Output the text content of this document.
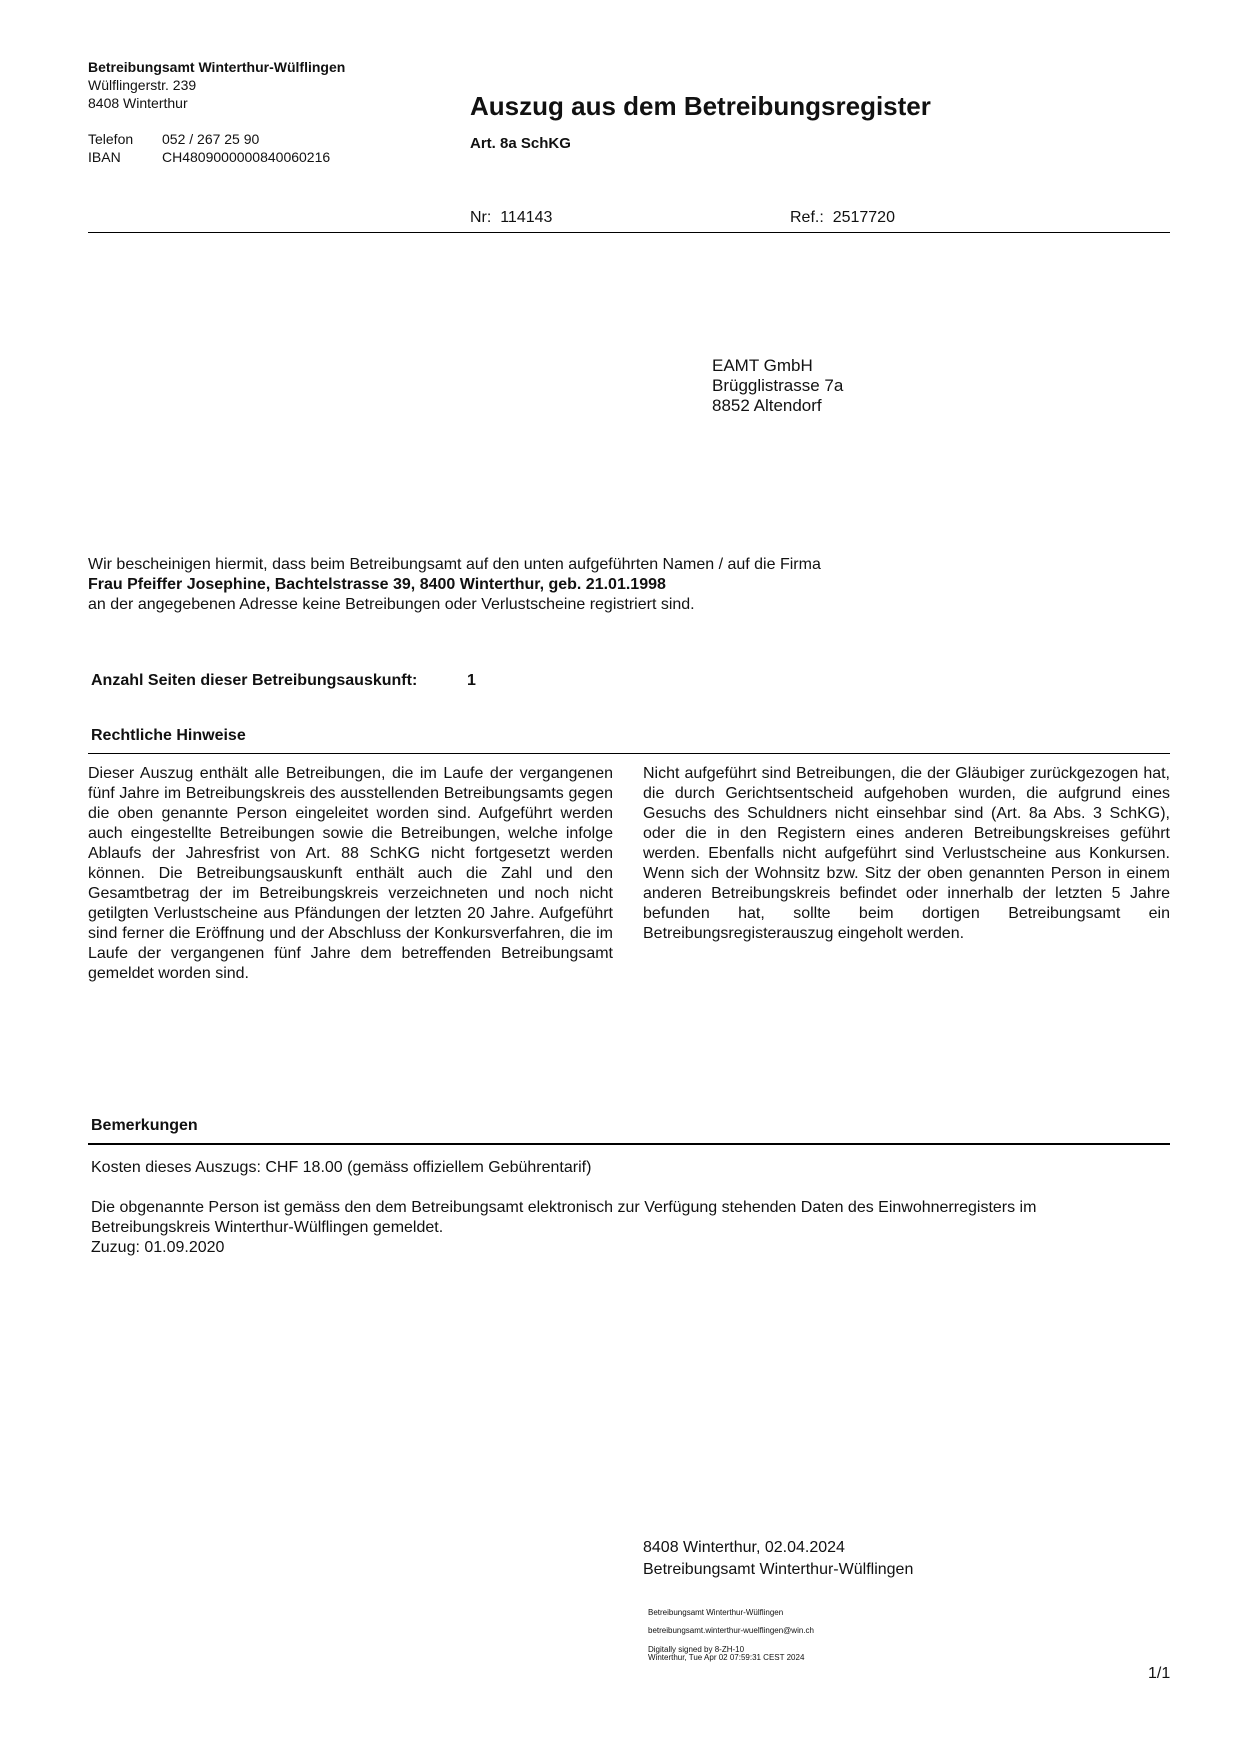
Betreibungsamt Winterthur-Wülflingen
Wülflingerstr. 239
8408 Winterthur
Telefon 052 / 267 25 90
IBAN	CH4809000000840060216
Auszug aus dem Betreibungsregister
Art. 8a SchKG
Nr: 114143	Ref.: 2517720
EAMT GmbH
Brügglistrasse 7a
8852 Altendorf
Wir bescheinigen hiermit, dass beim Betreibungsamt auf den unten aufgeführten Namen / auf die Firma
Frau Pfeiffer Josephine, Bachtelstrasse 39, 8400 Winterthur, geb. 21.01.1998
an der angegebenen Adresse keine Betreibungen oder Verlustscheine registriert sind.
Anzahl Seiten dieser Betreibungsauskunft:	1
Rechtliche Hinweise
Dieser Auszug enthält alle Betreibungen, die im Laufe der vergangenen fünf Jahre im Betreibungskreis des ausstellenden Betreibungsamts gegen die oben genannte Person eingeleitet worden sind. Aufgeführt werden auch eingestellte Betreibungen sowie die Betreibungen, welche infolge Ablaufs der Jahresfrist von Art. 88 SchKG nicht fortgesetzt werden können. Die Betreibungsauskunft enthält auch die Zahl und den Gesamtbetrag der im Betreibungskreis verzeichneten und noch nicht getilgten Verlustscheine aus Pfändungen der letzten 20 Jahre. Aufgeführt sind ferner die Eröffnung und der Abschluss der Konkursverfahren, die im Laufe der vergangenen fünf Jahre dem betreffenden Betreibungsamt gemeldet worden sind.
Nicht aufgeführt sind Betreibungen, die der Gläubiger zurückgezogen hat, die durch Gerichtsentscheid aufgehoben wurden, die aufgrund eines Gesuchs des Schuldners nicht einsehbar sind (Art. 8a Abs. 3 SchKG), oder die in den Registern eines anderen Betreibungskreises geführt werden. Ebenfalls nicht aufgeführt sind Verlustscheine aus Konkursen. Wenn sich der Wohnsitz bzw. Sitz der oben genannten Person in einem anderen Betreibungskreis befindet oder innerhalb der letzten 5 Jahre befunden hat, sollte beim dortigen Betreibungsamt ein Betreibungsregisterauszug eingeholt werden.
Bemerkungen
Kosten dieses Auszugs: CHF 18.00 (gemäss offiziellem Gebührentarif)
Die obgenannte Person ist gemäss den dem Betreibungsamt elektronisch zur Verfügung stehenden Daten des Einwohnerregisters im
Betreibungskreis Winterthur-Wülflingen gemeldet.
Zuzug: 01.09.2020
8408 Winterthur, 02.04.2024
Betreibungsamt Winterthur-Wülflingen
Betreibungsamt Winterthur-Wülflingen
betreibungsamt.winterthur-wuelflingen@win.ch
Digitally signed by 8-ZH-10
Winterthur, Tue Apr 02 07:59:31 CEST 2024
1/1
